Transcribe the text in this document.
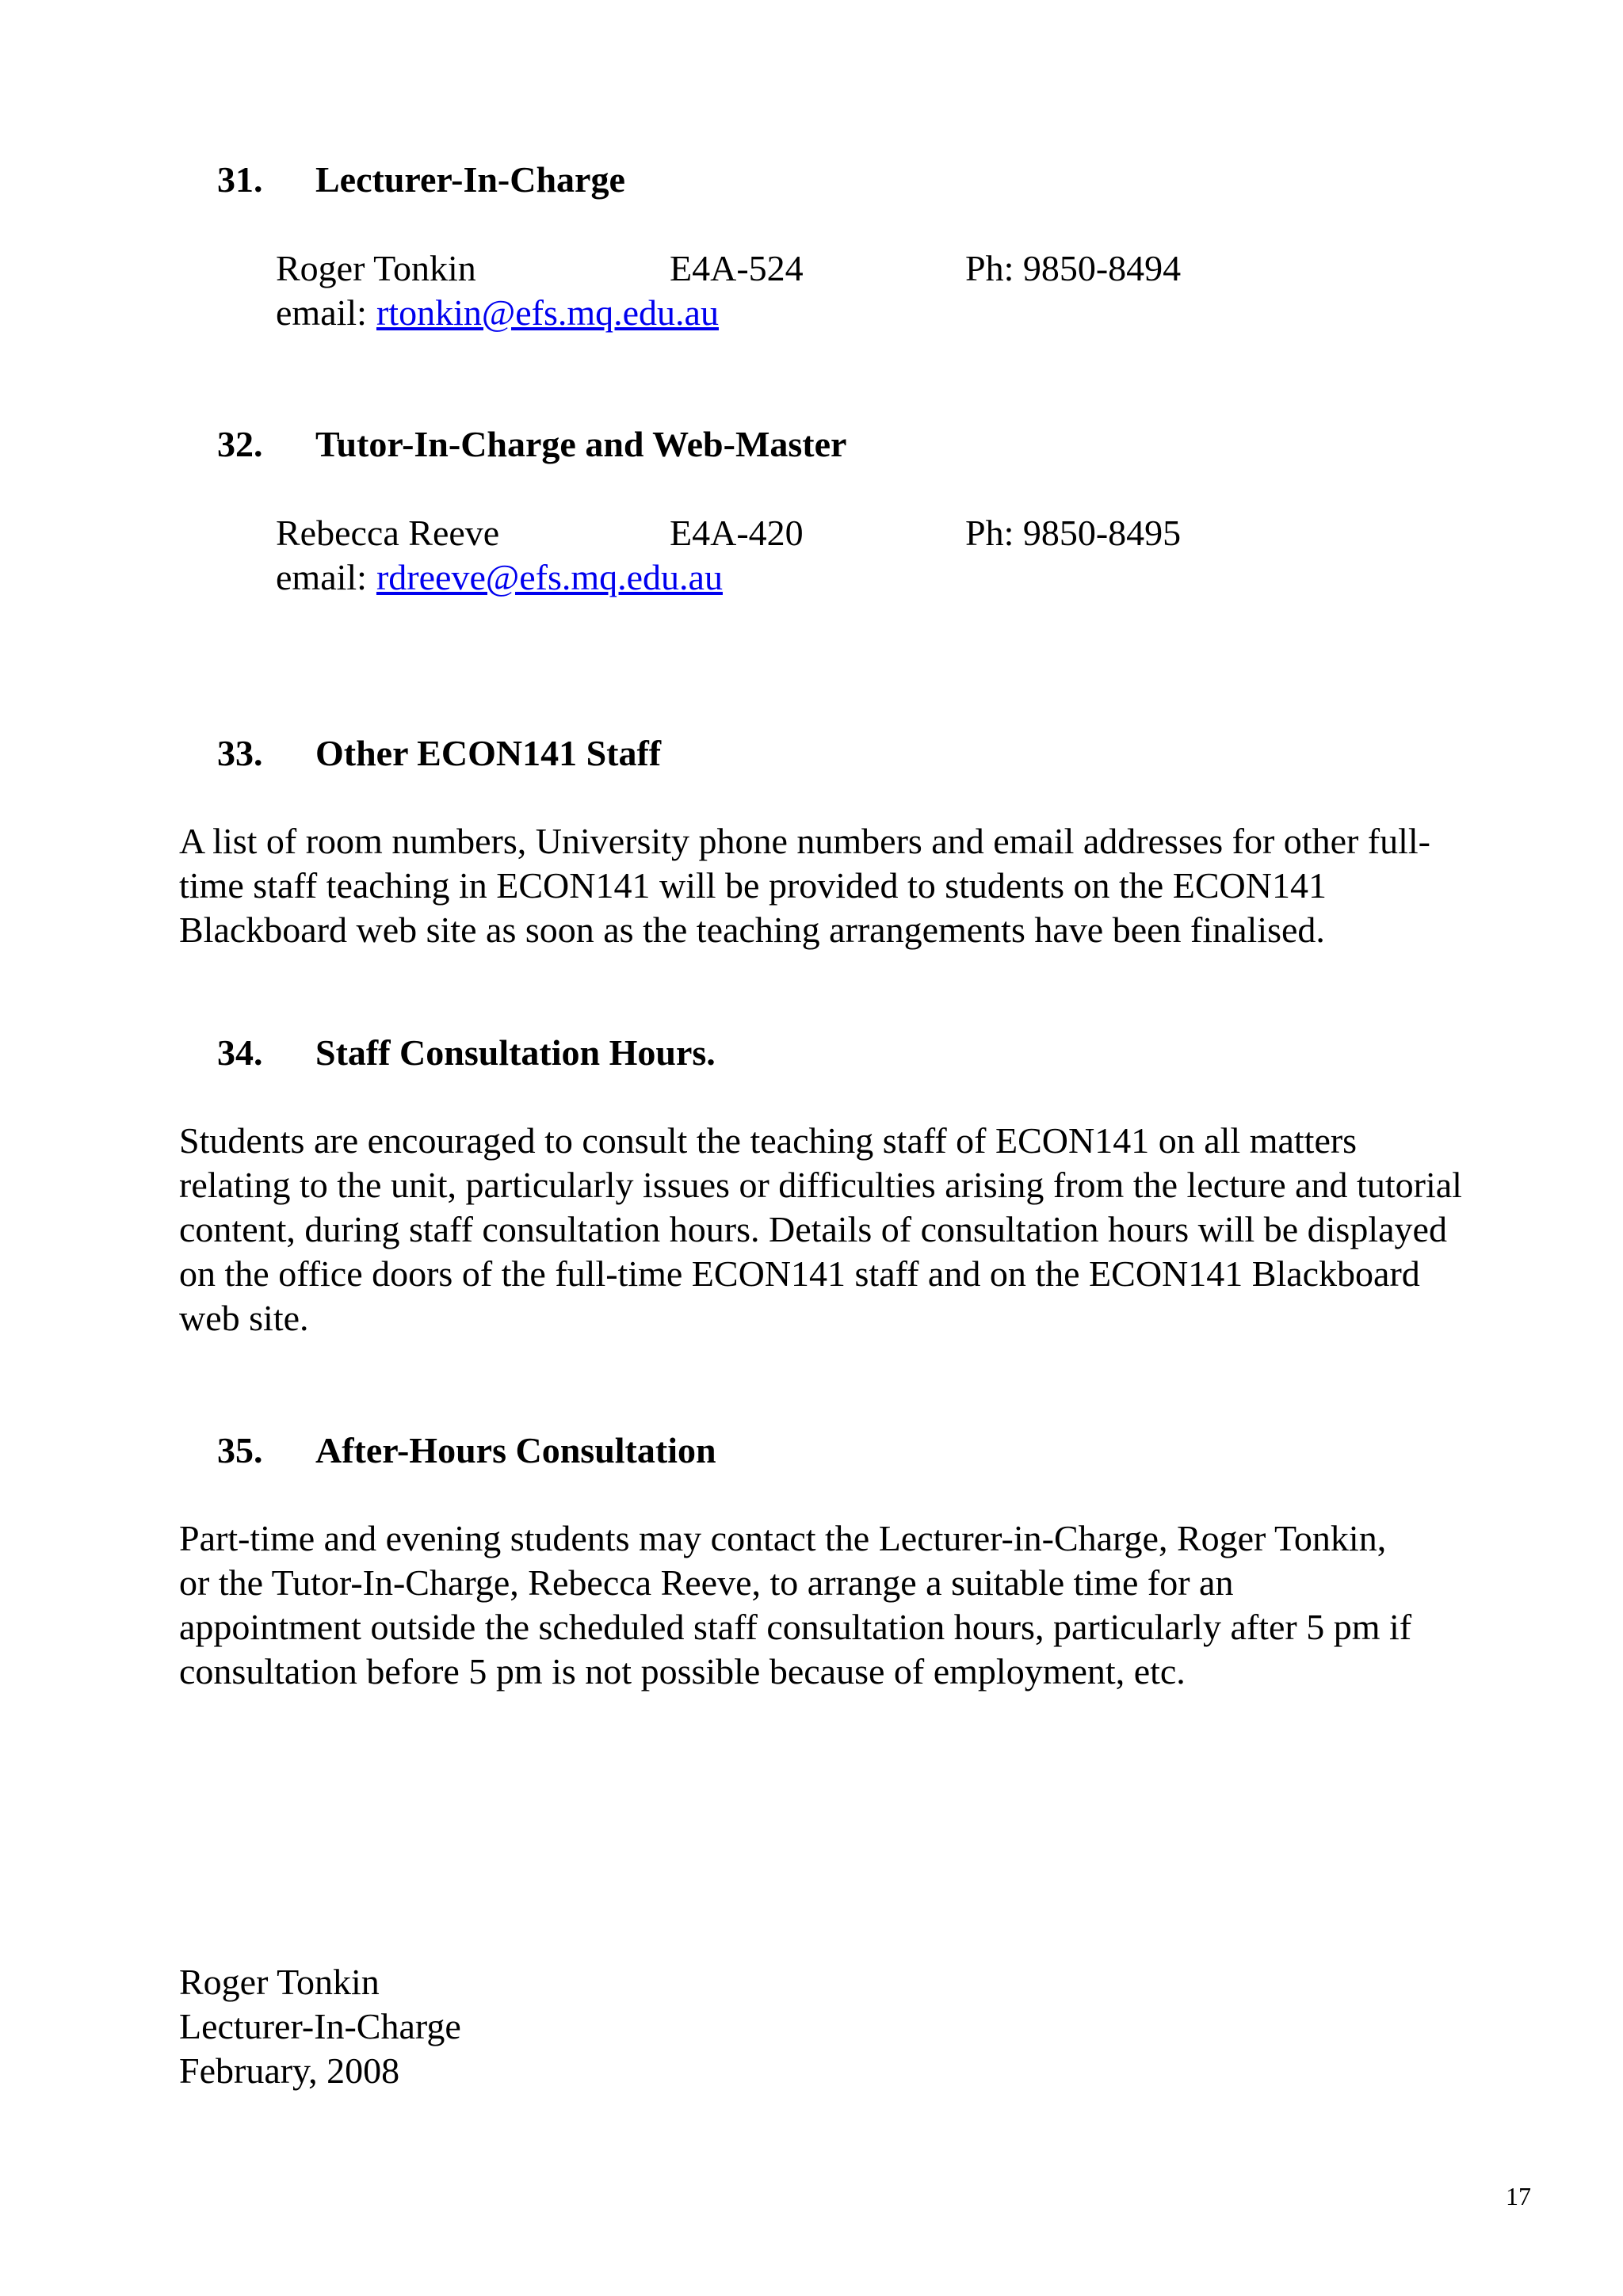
31. Lecturer-In-Charge
Roger Tonkin	E4A-524	Ph: 9850-8494
email: rtonkin@efs.mq.edu.au
32. Tutor-In-Charge and Web-Master
Rebecca Reeve	E4A-420	Ph: 9850-8495
email: rdreeve@efs.mq.edu.au
33. Other ECON141 Staff
A list of room numbers, University phone numbers and email addresses for other full-
time staff teaching in ECON141 will be provided to students on the ECON141
Blackboard web site as soon as the teaching arrangements have been finalised.
34. Staff Consultation Hours.
Students are encouraged to consult the teaching staff of ECON141 on all matters
relating to the unit, particularly issues or difficulties arising from the lecture and tutorial
content, during staff consultation hours. Details of consultation hours will be displayed
on the office doors of the full-time ECON141 staff and on the ECON141 Blackboard
web site.
35. After-Hours Consultation
Part-time and evening students may contact the Lecturer-in-Charge, Roger Tonkin,
or the Tutor-In-Charge, Rebecca Reeve, to arrange a suitable time for an
appointment outside the scheduled staff consultation hours, particularly after 5 pm if
consultation before 5 pm is not possible because of employment, etc.
Roger Tonkin
Lecturer-In-Charge
February, 2008
17
